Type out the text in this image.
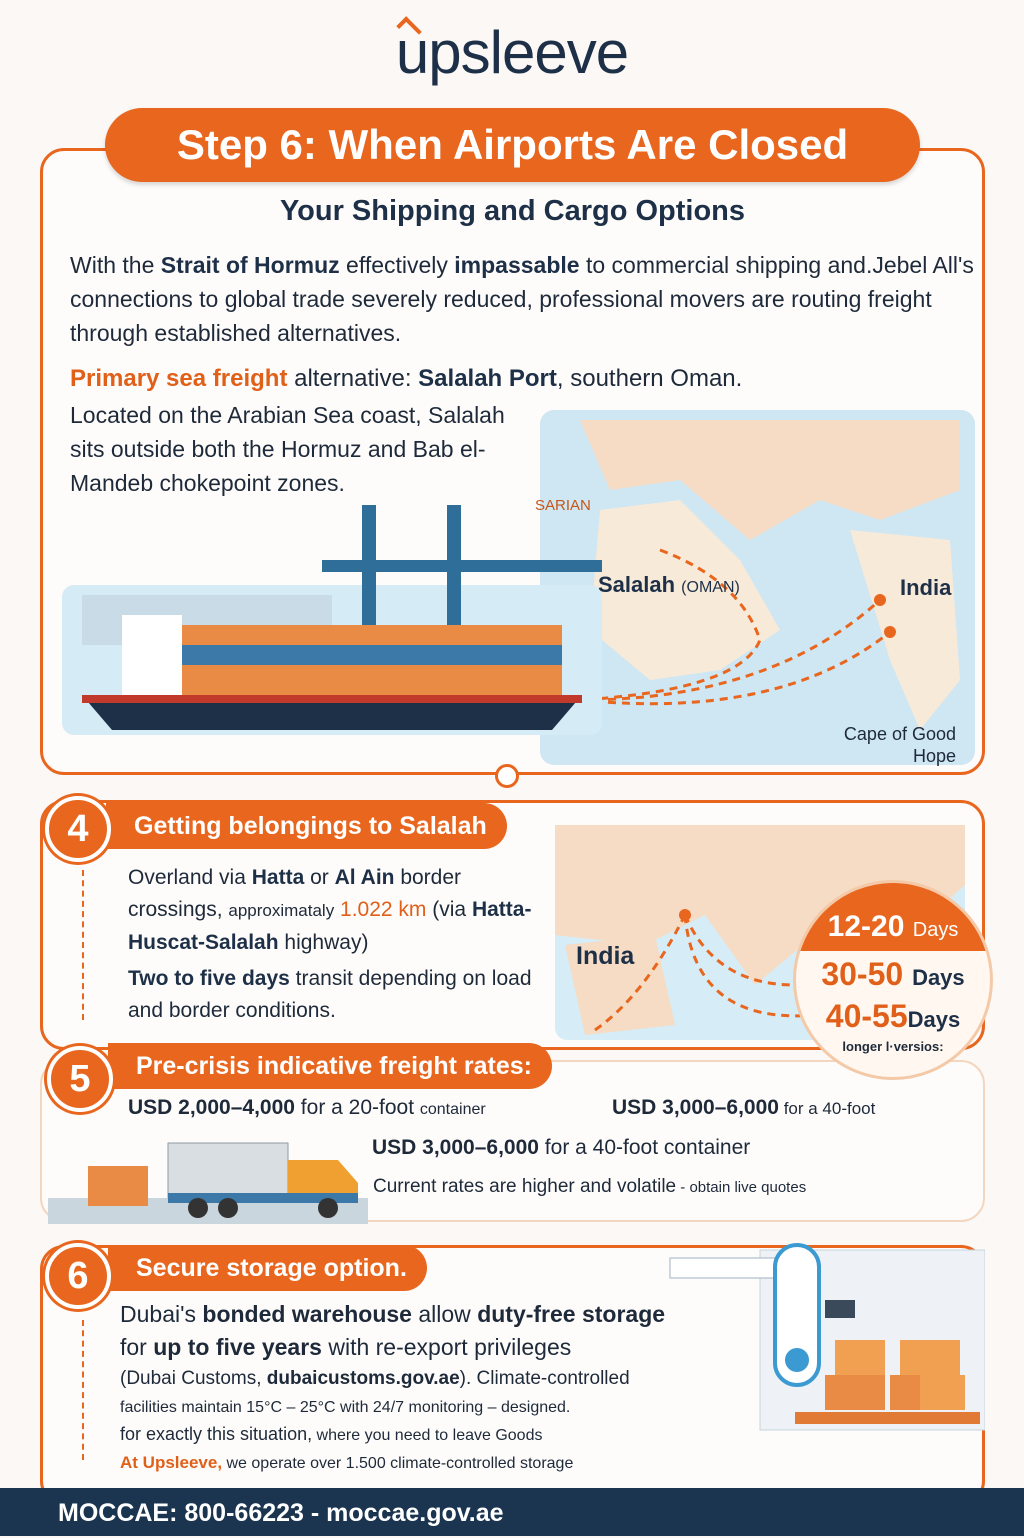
upsleeve
Step 6: When Airports Are Closed
Your Shipping and Cargo Options
With the Strait of Hormuz effectively impassable to commercial shipping and.Jebel All's connections to global trade severely reduced, professional movers are routing freight through established alternatives.
Primary sea freight alternative: Salalah Port, southern Oman.
Located on the Arabian Sea coast, Salalah sits outside both the Hormuz and Bab el-Mandeb chokepoint zones.
SARIAN
Salalah (OMAN)	India
Cape of Good Hope
Getting belongings to Salalah
4
Overland via Hatta or Al Ain border crossings, approximataly 1.022 km (via Hatta-Huscat-Salalah highway)
Two to five days transit depending on load and border conditions.
India
12-20 Days
30-50 Days
40-55Days
longer l·versios:
Pre-crisis indicative freight rates:
5
USD 2,000–4,000 for a 20-foot container	USD 3,000–6,000 for a 40-foot
USD 3,000–6,000 for a 40-foot container
Current rates are higher and volatile - obtain live quotes
Secure storage option.
6
Dubai's bonded warehouse allow duty-free storage
for up to five years with re-export privileges
(Dubai Customs, dubaicustoms.gov.ae). Climate-controlled
facilities maintain 15°C – 25°C with 24/7 monitoring – designed.
for exactly this situation, where you need to leave Goods
At Upsleeve, we operate over 1.500 climate-controlled storage
MOCCAE: 800-66223 - moccae.gov.ae
